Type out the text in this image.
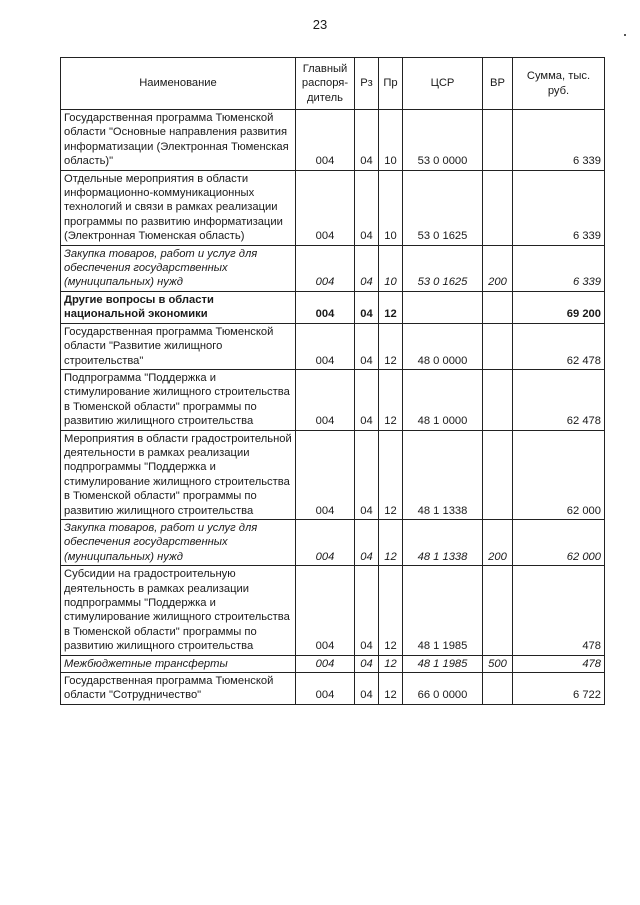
23
Наименование	Главный распоря-дитель	Рз	Пр	ЦСР	ВР	Сумма, тыс. руб.
Государственная программа Тюменской области "Основные направления развития информатизации (Электронная Тюменская область)"	004	04	10	53 0 0000		6 339
Отдельные мероприятия в области информационно-коммуникационных технологий и связи в рамках реализации программы по развитию информатизации (Электронная Тюменская область)	004	04	10	53 0 1625		6 339
Закупка товаров, работ и услуг для обеспечения государственных (муниципальных) нужд	004	04	10	53 0 1625	200	6 339
Другие вопросы в области национальной экономики	004	04	12			69 200
Государственная программа Тюменской области "Развитие жилищного строительства"	004	04	12	48 0 0000		62 478
Подпрограмма "Поддержка и стимулирование жилищного строительства в Тюменской области" программы по развитию жилищного строительства	004	04	12	48 1 0000		62 478
Мероприятия в области градостроительной деятельности в рамках реализации подпрограммы "Поддержка и стимулирование жилищного строительства в Тюменской области" программы по развитию жилищного строительства	004	04	12	48 1 1338		62 000
Закупка товаров, работ и услуг для обеспечения государственных (муниципальных) нужд	004	04	12	48 1 1338	200	62 000
Субсидии на градостроительную деятельность в рамках реализации подпрограммы "Поддержка и стимулирование жилищного строительства в Тюменской области" программы по развитию жилищного строительства	004	04	12	48 1 1985		478
Межбюджетные трансферты	004	04	12	48 1 1985	500	478
Государственная программа Тюменской области "Сотрудничество"	004	04	12	66 0 0000		6 722
